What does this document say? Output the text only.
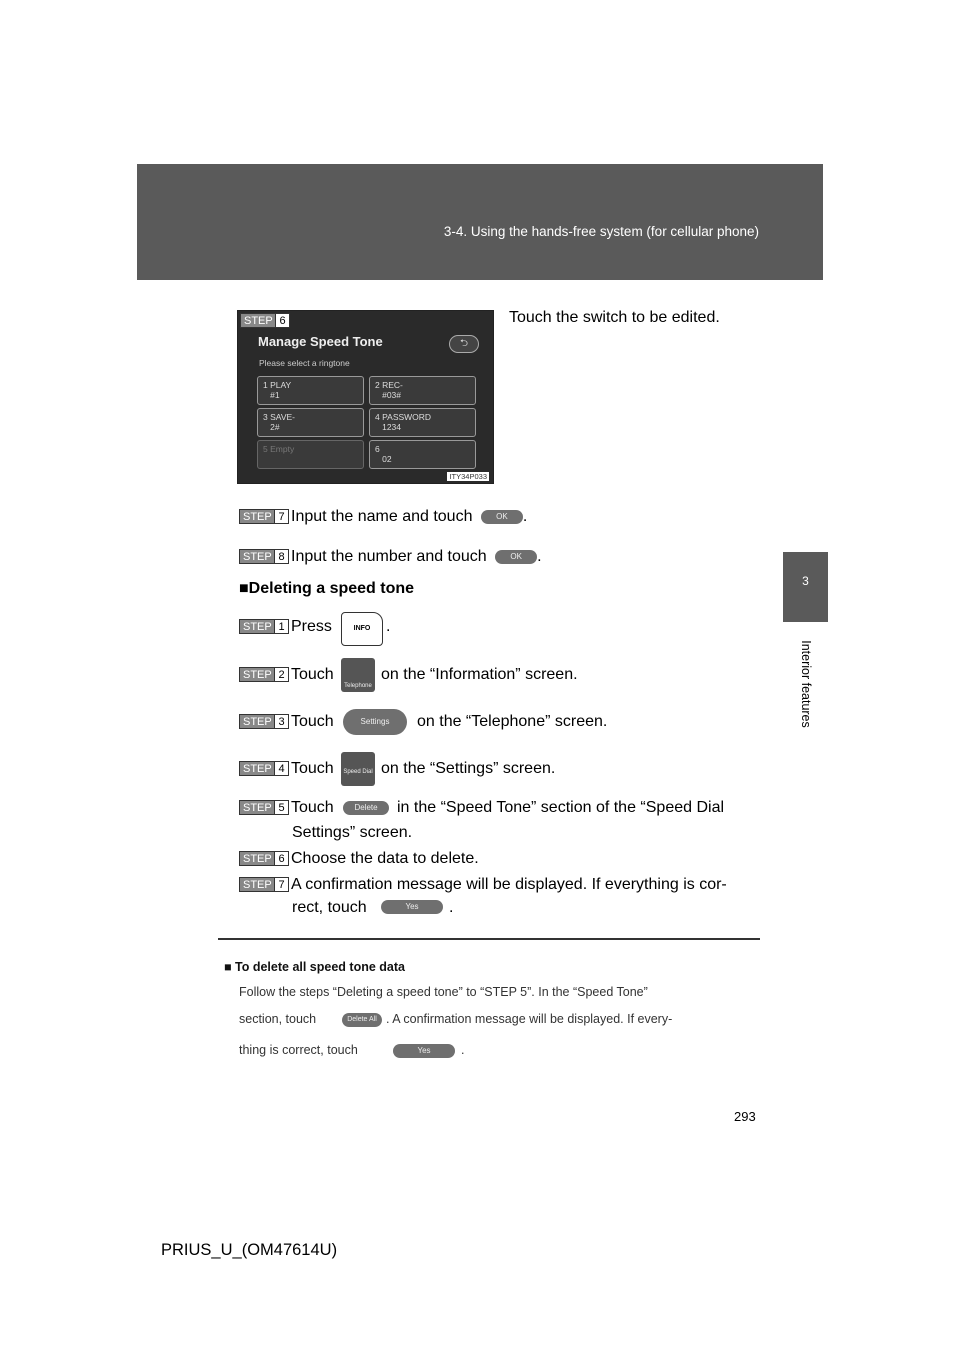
3-4. Using the hands-free system (for cellular phone)
3
Interior features
STEP 6
Manage Speed Tone
Please select a ringtone
⮌
1 PLAY
#1
2 REC-
#03#
3 SAVE-
2#
4 PASSWORD
1234
5 Empty	6
02
ITY34P033
Touch the switch to be edited.
STEP 7 Input the name and touch	OK .
STEP 8 Input the number and touch	OK .
■Deleting a speed tone
STEP 1 Press	INFO .
STEP 2 Touch
Telephone
on the “Information” screen.
STEP 3 Touch	Settings	on the “Telephone” screen.
STEP 4 Touch	Speed Dial on the “Settings” screen.
STEP 5 Touch	Delete	in the “Speed Tone” section of the “Speed Dial
Settings” screen.
STEP 6 Choose the data to delete.
STEP 7 A confirmation message will be displayed. If everything is cor-
rect, touch	Yes	.
■ To delete all speed tone data
Follow the steps “Deleting a speed tone” to “STEP 5”. In the “Speed Tone”
section, touch	Delete All . A confirmation message will be displayed. If every-
thing is correct, touch	Yes	.
293
PRIUS_U_(OM47614U)
